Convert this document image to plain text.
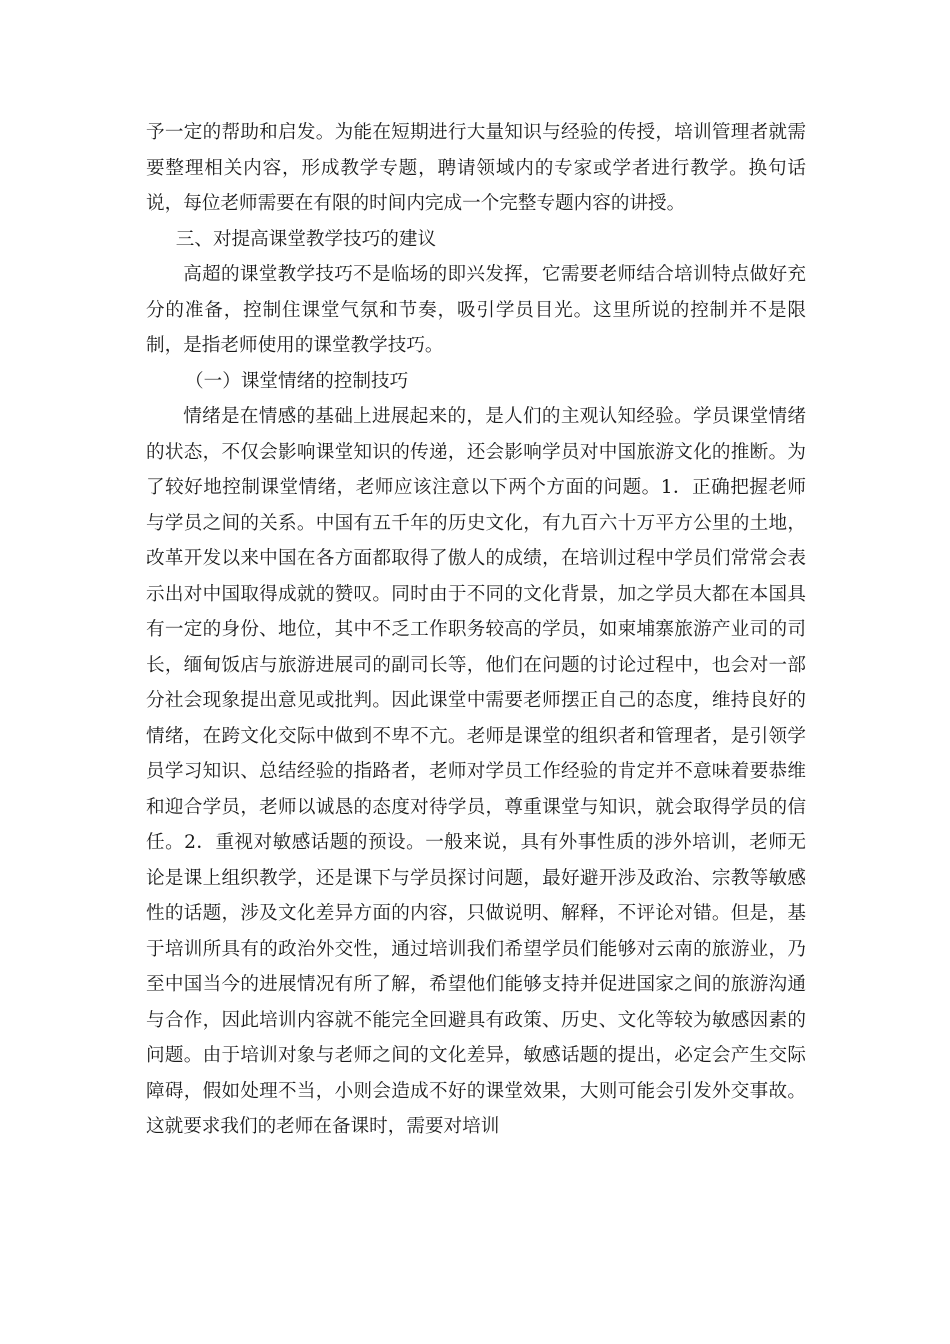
予一定的帮助和启发。为能在短期进行大量知识与经验的传授，培训管理者就需要整理相关内容，形成教学专题，聘请领域内的专家或学者进行教学。换句话说，每位老师需要在有限的时间内完成一个完整专题内容的讲授。

三、对提高课堂教学技巧的建议

高超的课堂教学技巧不是临场的即兴发挥，它需要老师结合培训特点做好充分的准备，控制住课堂气氛和节奏，吸引学员目光。这里所说的控制并不是限制，是指老师使用的课堂教学技巧。

（一）课堂情绪的控制技巧

情绪是在情感的基础上进展起来的，是人们的主观认知经验。学员课堂情绪的状态，不仅会影响课堂知识的传递，还会影响学员对中国旅游文化的推断。为了较好地控制课堂情绪，老师应该注意以下两个方面的问题。1．正确把握老师与学员之间的关系。中国有五千年的历史文化，有九百六十万平方公里的土地，改革开发以来中国在各方面都取得了傲人的成绩，在培训过程中学员们常常会表示出对中国取得成就的赞叹。同时由于不同的文化背景，加之学员大都在本国具有一定的身份、地位，其中不乏工作职务较高的学员，如柬埔寨旅游产业司的司长，缅甸饭店与旅游进展司的副司长等，他们在问题的讨论过程中，也会对一部分社会现象提出意见或批判。因此课堂中需要老师摆正自己的态度，维持良好的情绪，在跨文化交际中做到不卑不亢。老师是课堂的组织者和管理者，是引领学员学习知识、总结经验的指路者，老师对学员工作经验的肯定并不意味着要恭维和迎合学员，老师以诚恳的态度对待学员，尊重课堂与知识，就会取得学员的信任。2．重视对敏感话题的预设。一般来说，具有外事性质的涉外培训，老师无论是课上组织教学，还是课下与学员探讨问题，最好避开涉及政治、宗教等敏感性的话题，涉及文化差异方面的内容，只做说明、解释，不评论对错。但是，基于培训所具有的政治外交性，通过培训我们希望学员们能够对云南的旅游业，乃至中国当今的进展情况有所了解，希望他们能够支持并促进国家之间的旅游沟通与合作，因此培训内容就不能完全回避具有政策、历史、文化等较为敏感因素的问题。由于培训对象与老师之间的文化差异，敏感话题的提出，必定会产生交际障碍，假如处理不当，小则会造成不好的课堂效果，大则可能会引发外交事故。这就要求我们的老师在备课时，需要对培训
